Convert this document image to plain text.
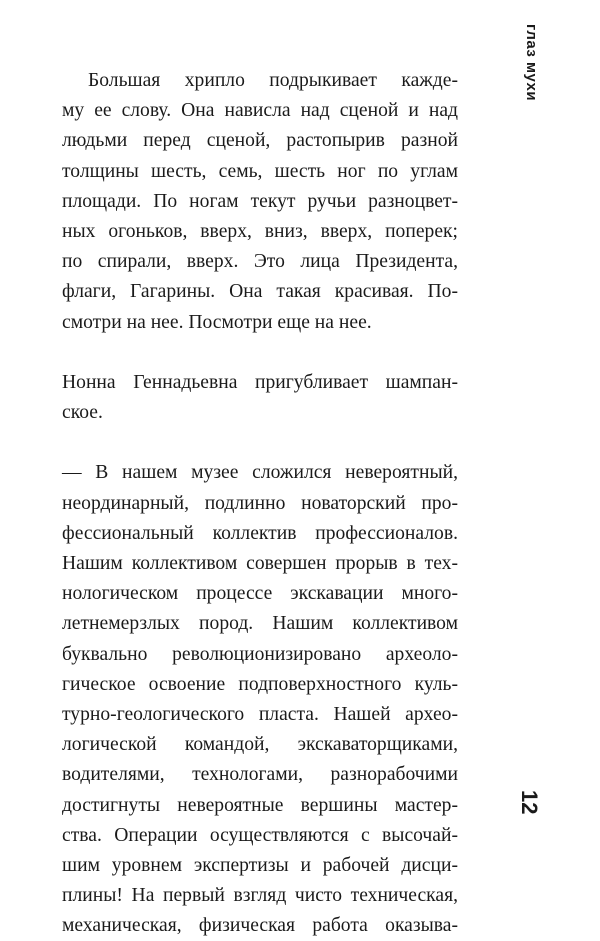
глаз мухи
Большая хрипло подрыкивает кажде-
му ее слову. Она нависла над сценой и над
людьми перед сценой, растопырив разной
толщины шесть, семь, шесть ног по углам
площади. По ногам текут ручьи разноцвет-
ных огоньков, вверх, вниз, вверх, поперек;
по спирали, вверх. Это лица Президента,
флаги, Гагарины. Она такая красивая. По-
смотри на нее. Посмотри еще на нее.
Нонна Геннадьевна пригубливает шампан-
ское.
— В нашем музее сложился невероятный,
неординарный, подлинно новаторский про-
фессиональный коллектив профессионалов.
Нашим коллективом совершен прорыв в тех-
нологическом процессе экскавации много-
летнемерзлых пород. Нашим коллективом
буквально революционизировано археоло-
гическое освоение подповерхностного куль-
турно-геологического пласта. Нашей архео-
логической командой, экскаваторщиками,
водителями, технологами, разнорабочими
достигнуты невероятные вершины мастер-
ства. Операции осуществляются с высочай-
шим уровнем экспертизы и рабочей дисци-
плины! На первый взгляд чисто техническая,
механическая, физическая работа оказыва-
12
